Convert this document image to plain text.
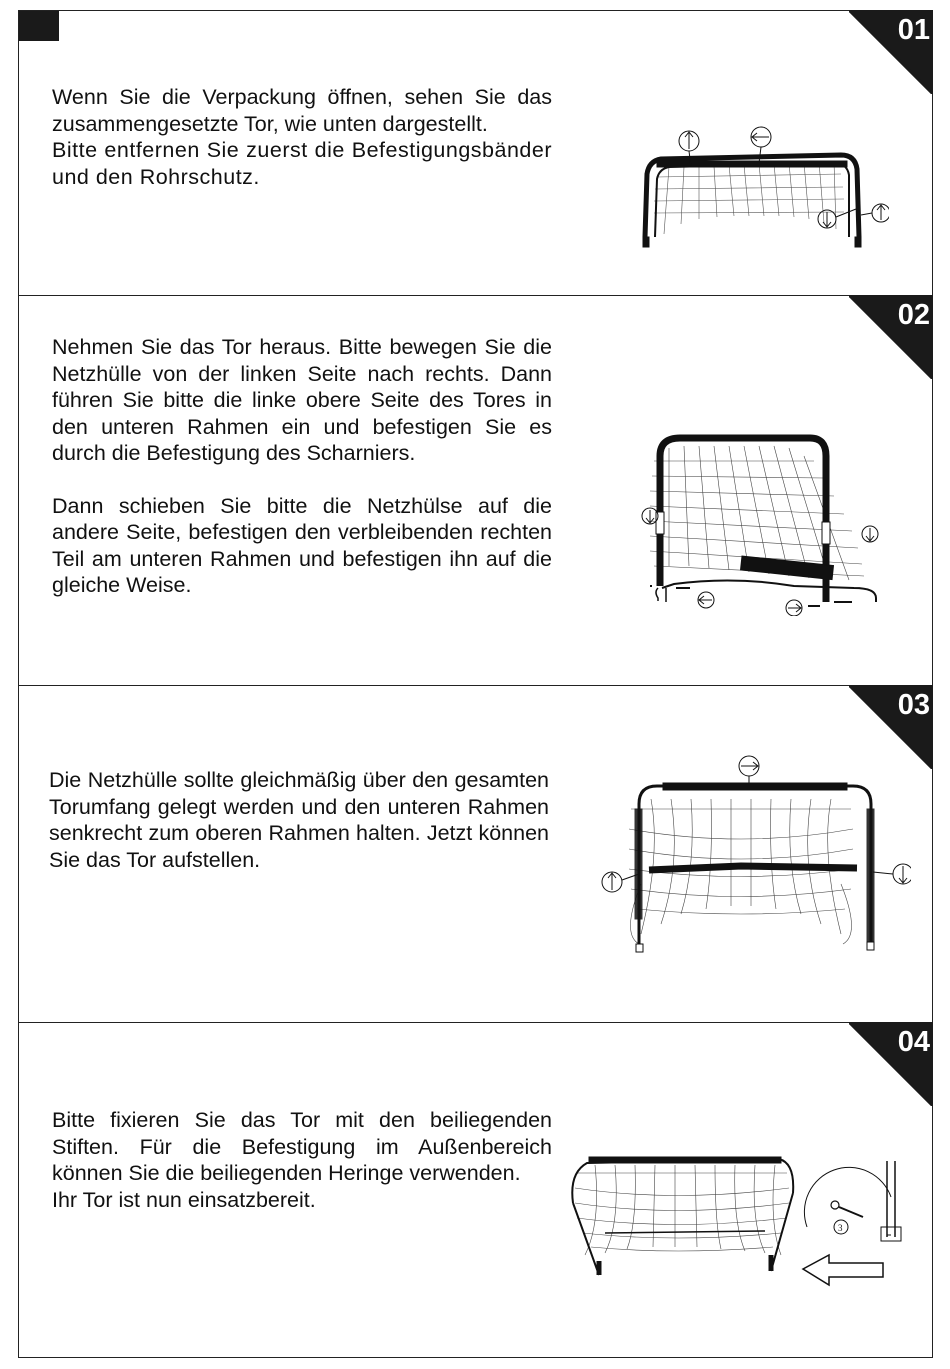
01

Wenn Sie die Verpackung öffnen, sehen Sie das zusammengesetzte Tor, wie unten dargestellt.

Bitte entfernen Sie zuerst die Befestigungsbänder und den Rohrschutz.

02

Nehmen Sie das Tor heraus. Bitte bewegen Sie die Netzhülle von der linken Seite nach rechts. Dann führen Sie bitte die linke obere Seite des Tores in den unteren Rahmen ein und befestigen Sie es durch die Befestigung des Scharniers.

Dann schieben Sie bitte die Netzhülse auf die andere Seite, befestigen den verbleibenden rechten Teil am unteren Rahmen und befestigen ihn auf die gleiche Weise.

03

Die Netzhülle sollte gleichmäßig über den gesamten Torumfang gelegt werden und den unteren Rahmen senkrecht zum oberen Rahmen halten. Jetzt können Sie das Tor aufstellen.

04

Bitte fixieren Sie das Tor mit den beiliegenden Stiften. Für die Befestigung im Außenbereich können Sie die beiliegenden Heringe verwenden.

Ihr Tor ist nun einsatzbereit.

3
